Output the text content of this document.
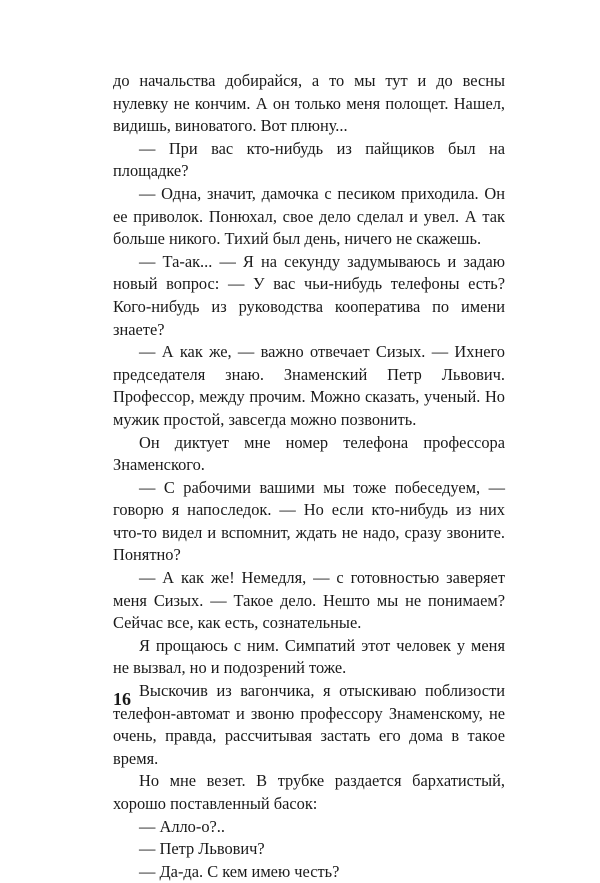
до начальства добирайся, а то мы тут и до весны нулевку не кончим. А он только меня полощет. Нашел, видишь, виноватого. Вот плюну...

— При вас кто-нибудь из пайщиков был на площадке?

— Одна, значит, дамочка с песиком приходила. Он ее приволок. Понюхал, свое дело сделал и увел. А так больше никого. Тихий был день, ничего не скажешь.

— Та-ак... — Я на секунду задумываюсь и задаю новый вопрос: — У вас чьи-нибудь телефоны есть? Кого-нибудь из руководства кооператива по имени знаете?

— А как же, — важно отвечает Сизых. — Ихнего председателя знаю. Знаменский Петр Львович. Профессор, между прочим. Можно сказать, ученый. Но мужик простой, завсегда можно позвонить.

Он диктует мне номер телефона профессора Знаменского.

— С рабочими вашими мы тоже побеседуем, — говорю я напоследок. — Но если кто-нибудь из них что-то видел и вспомнит, ждать не надо, сразу звоните. Понятно?

— А как же! Немедля, — с готовностью заверяет меня Сизых. — Такое дело. Нешто мы не понимаем? Сейчас все, как есть, сознательные.

Я прощаюсь с ним. Симпатий этот человек у меня не вызвал, но и подозрений тоже.

Выскочив из вагончика, я отыскиваю поблизости телефон-автомат и звоню профессору Знаменскому, не очень, правда, рассчитывая застать его дома в такое время.

Но мне везет. В трубке раздается бархатистый, хорошо поставленный басок:

— Алло-о?..

— Петр Львович?

— Да-да. С кем имею честь?

16
